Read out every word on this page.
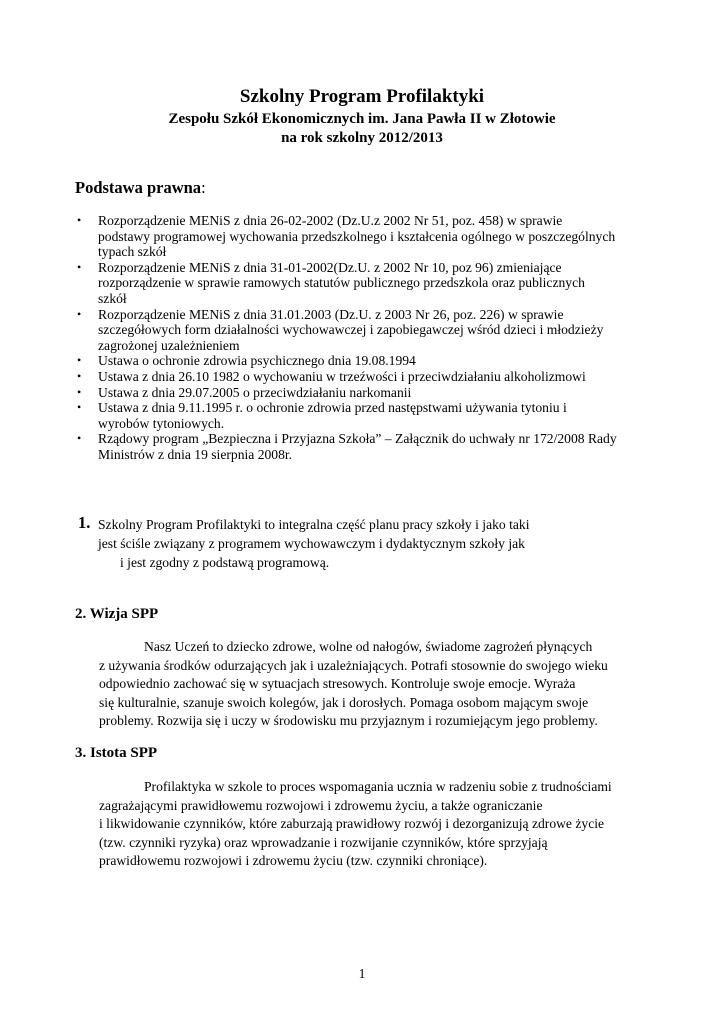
Szkolny Program Profilaktyki
Zespołu Szkół Ekonomicznych im. Jana Pawła II w Złotowie
na rok szkolny 2012/2013
Podstawa prawna:
• Rozporządzenie MENiS z dnia 26-02-2002 (Dz.U.z 2002 Nr 51, poz. 458) w sprawie
podstawy programowej wychowania przedszkolnego i kształcenia ogólnego w poszczególnych
typach szkół
• Rozporządzenie MENiS z dnia 31-01-2002(Dz.U. z 2002 Nr 10, poz 96) zmieniające
rozporządzenie w sprawie ramowych statutów publicznego przedszkola oraz publicznych
szkół
• Rozporządzenie MENiS z dnia 31.01.2003 (Dz.U. z 2003 Nr 26, poz. 226) w sprawie
szczegółowych form działalności wychowawczej i zapobiegawczej wśród dzieci i młodzieży
zagrożonej uzależnieniem
• Ustawa o ochronie zdrowia psychicznego dnia 19.08.1994
• Ustawa z dnia 26.10 1982 o wychowaniu w trzeźwości i przeciwdziałaniu alkoholizmowi
• Ustawa z dnia 29.07.2005 o przeciwdziałaniu narkomanii
• Ustawa z dnia 9.11.1995 r. o ochronie zdrowia przed następstwami używania tytoniu i
wyrobów tytoniowych.
• Rządowy program „Bezpieczna i Przyjazna Szkoła” – Załącznik do uchwały nr 172/2008 Rady
Ministrów z dnia 19 sierpnia 2008r.
1. Szkolny Program Profilaktyki to integralna część planu pracy szkoły i jako taki
jest ściśle związany z programem wychowawczym i dydaktycznym szkoły jak
i jest zgodny z podstawą programową.
2. Wizja SPP
Nasz Uczeń to dziecko zdrowe, wolne od nałogów, świadome zagrożeń płynących
z używania środków odurzających jak i uzależniających. Potrafi stosownie do swojego wieku
odpowiednio zachować się w sytuacjach stresowych. Kontroluje swoje emocje. Wyraża
się kulturalnie, szanuje swoich kolegów, jak i dorosłych. Pomaga osobom mającym swoje
problemy. Rozwija się i uczy w środowisku mu przyjaznym i rozumiejącym jego problemy.
3. Istota SPP
Profilaktyka w szkole to proces wspomagania ucznia w radzeniu sobie z trudnościami
zagrażającymi prawidłowemu rozwojowi i zdrowemu życiu, a także ograniczanie
i likwidowanie czynników, które zaburzają prawidłowy rozwój i dezorganizują zdrowe życie
(tzw. czynniki ryzyka) oraz wprowadzanie i rozwijanie czynników, które sprzyjają
prawidłowemu rozwojowi i zdrowemu życiu (tzw. czynniki chroniące).
1
